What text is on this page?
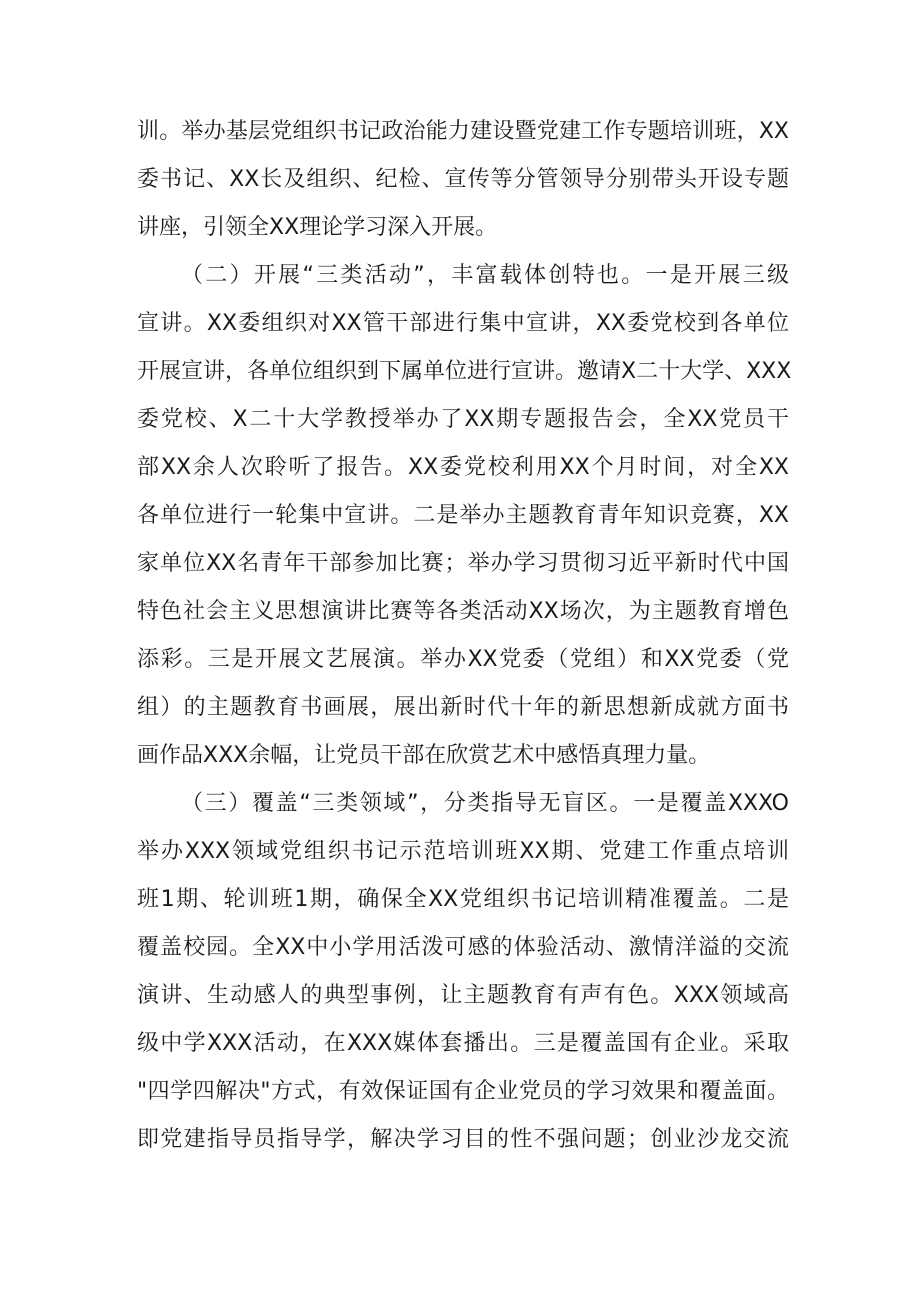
训。举办基层党组织书记政治能力建设暨党建工作专题培训班，XX

委书记、XX长及组织、纪检、宣传等分管领导分别带头开设专题

讲座，引领全XX理论学习深入开展。

（二）开展“三类活动”，丰富载体创特也。一是开展三级

宣讲。XX委组织对XX管干部进行集中宣讲，XX委党校到各单位

开展宣讲，各单位组织到下属单位进行宣讲。邀请X二十大学、XXX

委党校、X二十大学教授举办了XX期专题报告会，全XX党员干

部XX余人次聆听了报告。XX委党校利用XX个月时间，对全XX

各单位进行一轮集中宣讲。二是举办主题教育青年知识竞赛，XX

家单位XX名青年干部参加比赛；举办学习贯彻习近平新时代中国

特色社会主义思想演讲比赛等各类活动XX场次，为主题教育增色

添彩。三是开展文艺展演。举办XX党委（党组）和XX党委（党

组）的主题教育书画展，展出新时代十年的新思想新成就方面书

画作品XXX余幅，让党员干部在欣赏艺术中感悟真理力量。

（三）覆盖“三类领域”，分类指导无盲区。一是覆盖XXXO

举办XXX领域党组织书记示范培训班XX期、党建工作重点培训

班1期、轮训班1期，确保全XX党组织书记培训精准覆盖。二是

覆盖校园。全XX中小学用活泼可感的体验活动、激情洋溢的交流

演讲、生动感人的典型事例，让主题教育有声有色。XXX领域高

级中学XXX活动，在XXX媒体套播出。三是覆盖国有企业。采取

"四学四解决"方式，有效保证国有企业党员的学习效果和覆盖面。

即党建指导员指导学，解决学习目的性不强问题；创业沙龙交流
